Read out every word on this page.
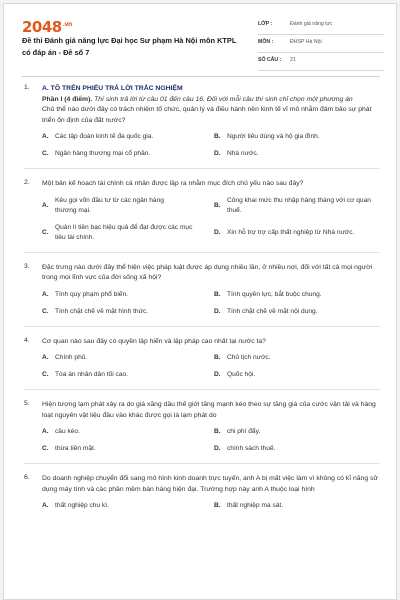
$2048^{.vn}$
Đề thi Đánh giá năng lực Đại học Sư phạm Hà Nội môn KTPL có đáp án - Đề số 7
LỚP :	Đánh giá năng lực
MÔN :	ĐHSP Hà Nội
SỐ CÂU : 21
1. A. TÔ TRÊN PHIẾU TRẢ LỜI TRẮC NGHIỆM
Phần I (4 điểm). Thí sinh trả lời từ câu 01 đến câu 16. Đối với mỗi câu thí sinh chỉ chọn một phương án
Chủ thể nào dưới đây có trách nhiệm tổ chức, quản lý và điều hành nền kinh tế vĩ mô nhằm đảm bảo sự phát triển ổn định của đất nước?
A. Các tập đoàn kinh tế đa quốc gia.	B. Người tiêu dùng và hộ gia đình.
C. Ngân hàng thương mại cổ phần.	D. Nhà nước.
2. Một bản kế hoạch tài chính cá nhân được lập ra nhằm mục đích chủ yếu nào sau đây?
A.
Kêu gọi vốn đầu tư từ các ngân hàng thương mại.
B.
Công khai mức thu nhập hàng tháng với cơ quan thuế.
C.
Quản lí tiền bạc hiệu quả để đạt được các mục tiêu tài chính.
D. Xin hỗ trợ trợ cấp thất nghiệp từ Nhà nước.
3. Đặc trưng nào dưới đây thể hiện việc pháp luật được áp dụng nhiều lần, ở nhiều nơi, đối với tất cả mọi người trong mọi lĩnh vực của đời sống xã hội?
A. Tính quy phạm phổ biến.	B. Tính quyền lực, bắt buộc chung.
C. Tính chặt chẽ về mặt hình thức.	D. Tính chặt chẽ về mặt nội dung.
4. Cơ quan nào sau đây có quyền lập hiến và lập pháp cao nhất tại nước ta?
A. Chính phủ.	B. Chủ tịch nước.
C. Tòa án nhân dân tối cao.	D. Quốc hội.
5. Hiện tượng lạm phát xảy ra do giá xăng dầu thế giới tăng mạnh kéo theo sự tăng giá của cước vận tải và hàng loạt nguyên vật liệu đầu vào khác được gọi là lạm phát do
A. cầu kéo.	B. chi phí đẩy.
C. thừa tiền mặt.	D. chính sách thuế.
6. Do doanh nghiệp chuyển đổi sang mô hình kinh doanh trực tuyến, anh A bị mất việc làm vì không có kĩ năng sử dụng máy tính và các phần mềm bán hàng hiện đại. Trường hợp này anh A thuộc loại hình
A. thất nghiệp chu kì.	B. thất nghiệp ma sát.
